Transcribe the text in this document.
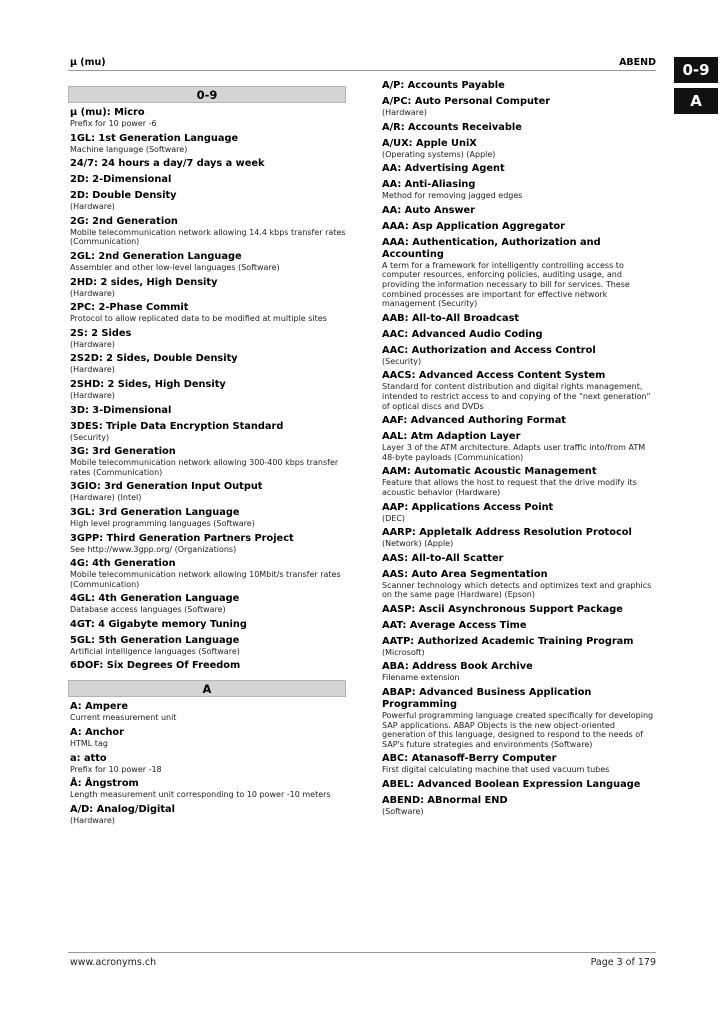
µ (mu)	ABEND	0-9
A
0-9
µ (mu): Micro
Prefix for 10 power -6
1GL: 1st Generation Language
Machine language (Software)
24/7: 24 hours a day/7 days a week
2D: 2-Dimensional
2D: Double Density
(Hardware)
2G: 2nd Generation
Mobile telecommunication network allowing 14.4 kbps transfer rates (Communication)
2GL: 2nd Generation Language
Assembler and other low-level languages (Software)
2HD: 2 sides, High Density
(Hardware)
2PC: 2-Phase Commit
Protocol to allow replicated data to be modified at multiple sites
2S: 2 Sides
(Hardware)
2S2D: 2 Sides, Double Density
(Hardware)
2SHD: 2 Sides, High Density
(Hardware)
3D: 3-Dimensional
3DES: Triple Data Encryption Standard
(Security)
3G: 3rd Generation
Mobile telecommunication network allowing 300-400 kbps transfer rates (Communication)
3GIO: 3rd Generation Input Output
(Hardware) (Intel)
3GL: 3rd Generation Language
High level programming languages (Software)
3GPP: Third Generation Partners Project
See http://www.3gpp.org/ (Organizations)
4G: 4th Generation
Mobile telecommunication network allowing 10Mbit/s transfer rates (Communication)
4GL: 4th Generation Language
Database access languages (Software)
4GT: 4 Gigabyte memory Tuning
5GL: 5th Generation Language
Artificial intelligence languages (Software)
6DOF: Six Degrees Of Freedom
A
A: Ampere
Current measurement unit
A: Anchor
HTML tag
a: atto
Prefix for 10 power -18
Å: Ångstrom
Length measurement unit corresponding to 10 power -10 meters
A/D: Analog/Digital
(Hardware)
A/P: Accounts Payable
A/PC: Auto Personal Computer
(Hardware)
A/R: Accounts Receivable
A/UX: Apple UniX
(Operating systems) (Apple)
AA: Advertising Agent
AA: Anti-Aliasing
Method for removing jagged edges
AA: Auto Answer
AAA: Asp Application Aggregator
AAA: Authentication, Authorization and Accounting
A term for a framework for intelligently controlling access to computer resources, enforcing policies, auditing usage, and providing the information necessary to bill for services. These combined processes are important for effective network management (Security)
AAB: All-to-All Broadcast
AAC: Advanced Audio Coding
AAC: Authorization and Access Control
(Security)
AACS: Advanced Access Content System
Standard for content distribution and digital rights management, intended to restrict access to and copying of the "next generation" of optical discs and DVDs
AAF: Advanced Authoring Format
AAL: Atm Adaption Layer
Layer 3 of the ATM architecture. Adapts user traffic into/from ATM 48-byte payloads (Communication)
AAM: Automatic Acoustic Management
Feature that allows the host to request that the drive modify its acoustic behavior (Hardware)
AAP: Applications Access Point
(DEC)
AARP: Appletalk Address Resolution Protocol
(Network) (Apple)
AAS: All-to-All Scatter
AAS: Auto Area Segmentation
Scanner technology which detects and optimizes text and graphics on the same page (Hardware) (Epson)
AASP: Ascii Asynchronous Support Package
AAT: Average Access Time
AATP: Authorized Academic Training Program
(Microsoft)
ABA: Address Book Archive
Filename extension
ABAP: Advanced Business Application Programming
Powerful programming language created specifically for developing SAP applications. ABAP Objects is the new object-oriented generation of this language, designed to respond to the needs of SAP's future strategies and environments (Software)
ABC: Atanasoff-Berry Computer
First digital calculating machine that used vacuum tubes
ABEL: Advanced Boolean Expression Language
ABEND: ABnormal END
(Software)
www.acronyms.ch	Page 3 of 179
